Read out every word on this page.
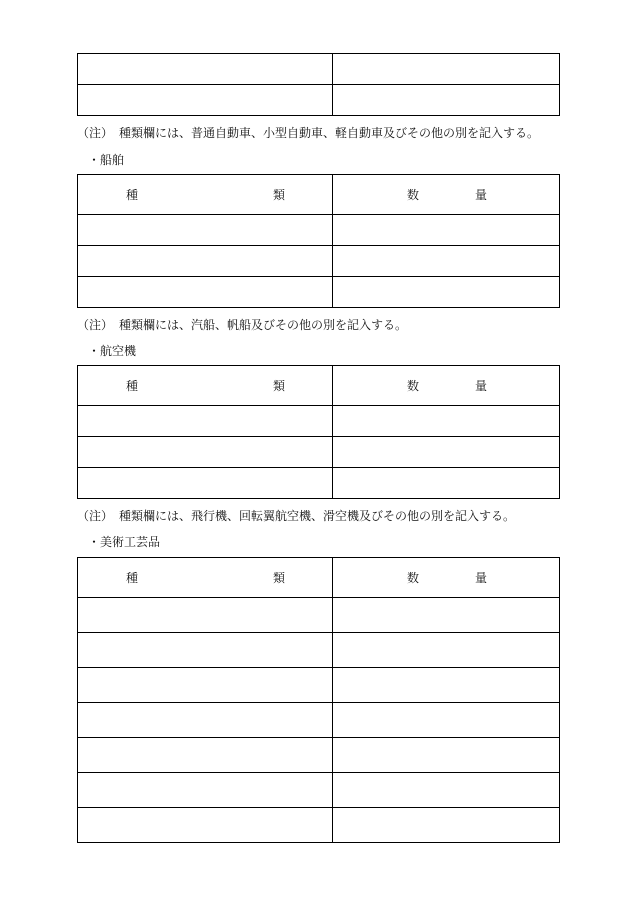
（注）　種類欄には、普通自動車、小型自動車、軽自動車及びその他の別を記入する。
・船舶
種 類	数 量

（注）　種類欄には、汽船、帆船及びその他の別を記入する。
・航空機
種 類	数 量

（注）　種類欄には、飛行機、回転翼航空機、滑空機及びその他の別を記入する。
・美術工芸品
種 類	数 量
